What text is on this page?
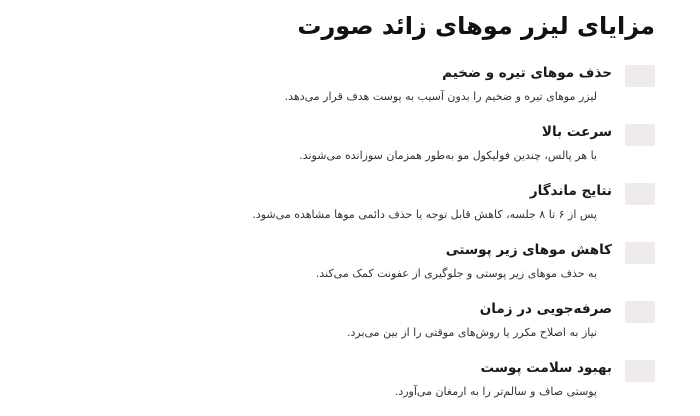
مزایای لیزر موهای زائد صورت
حذف موهای تیره و ضخیم

لیزر موهای تیره و ضخیم را بدون آسیب به پوست هدف قرار می‌دهد.

سرعت بالا

با هر پالس، چندین فولیکول مو به‌طور همزمان سوزانده می‌شوند.

نتایج ماندگار

پس از ۶ تا ۸ جلسه، کاهش قابل توجه یا حذف دائمی موها مشاهده می‌شود.

کاهش موهای زیر پوستی

به حذف موهای زیر پوستی و جلوگیری از عفونت کمک می‌کند.

صرفه‌جویی در زمان

نیاز به اصلاح مکرر یا روش‌های موقتی را از بین می‌برد.

بهبود سلامت پوست

پوستی صاف و سالم‌تر را به ارمغان می‌آورد.
